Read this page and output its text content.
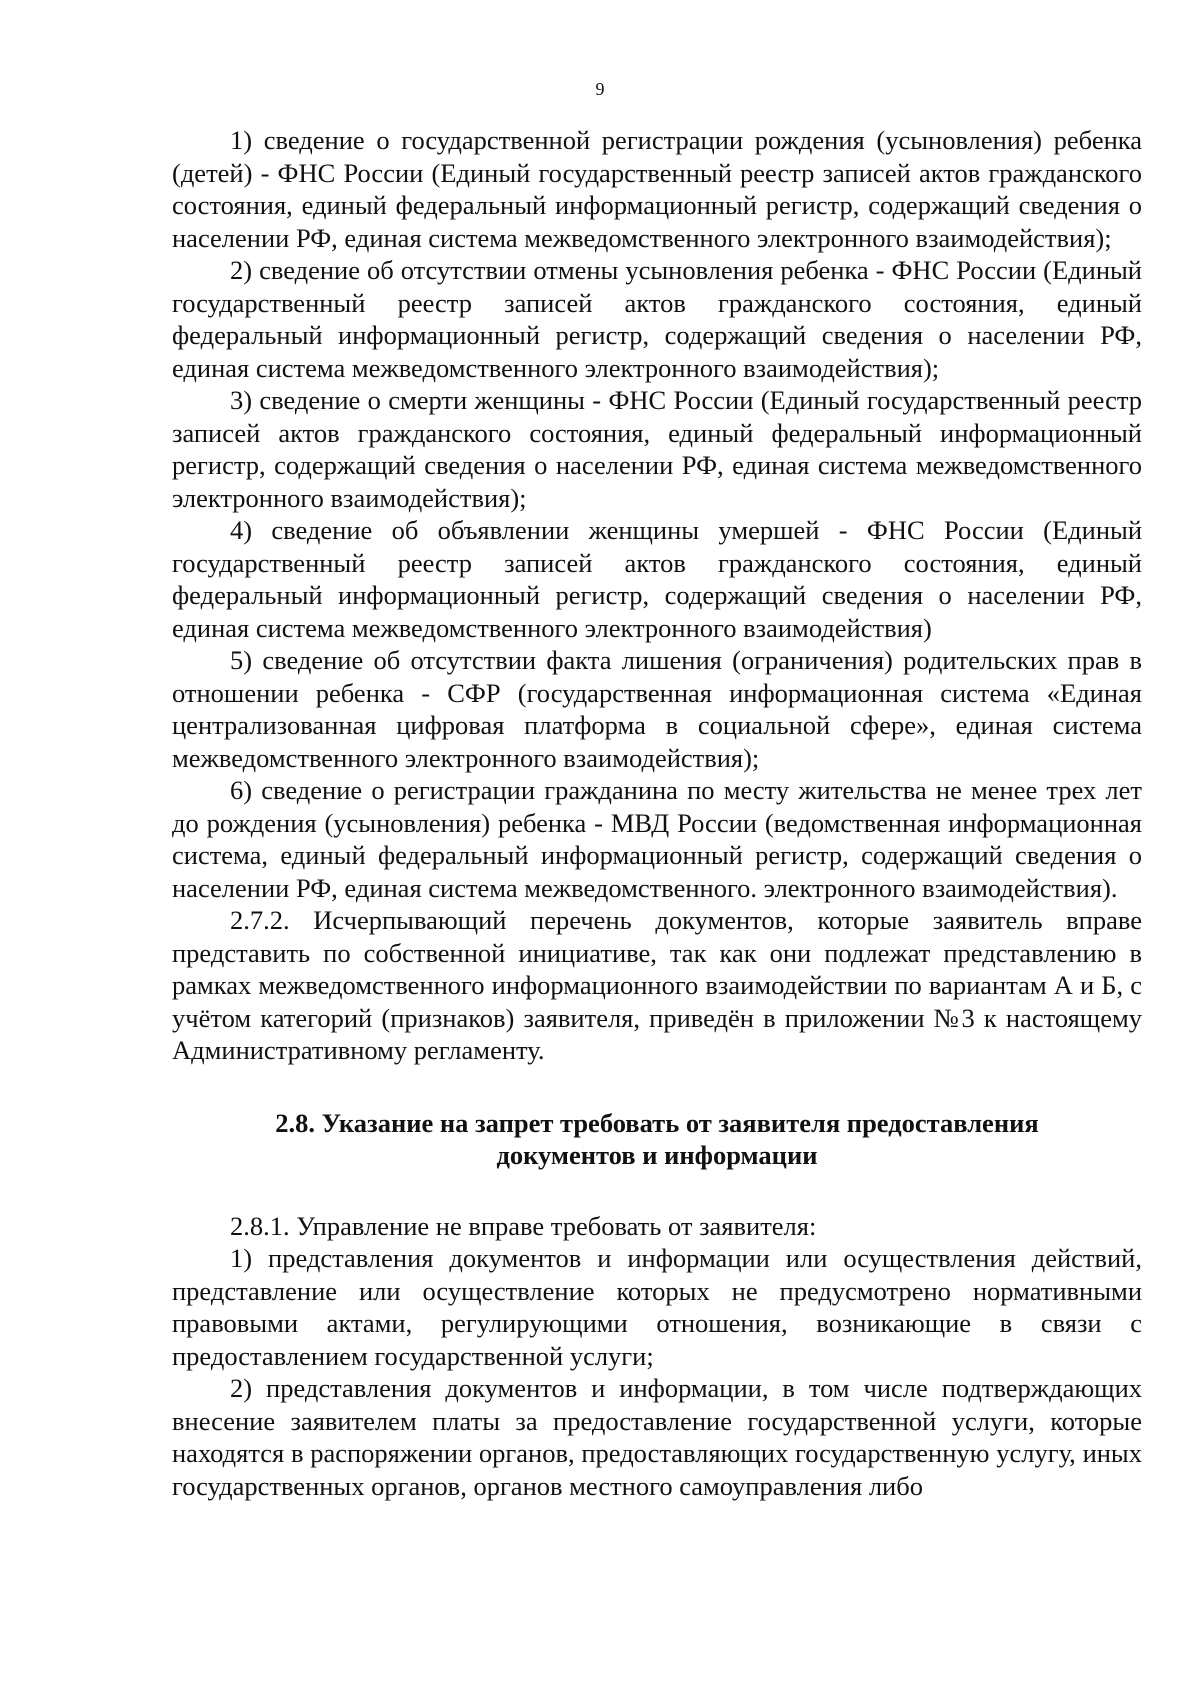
9

1) сведение о государственной регистрации рождения (усыновления) ребенка (детей) - ФНС России (Единый государственный реестр записей актов гражданского состояния, единый федеральный информационный регистр, содержащий сведения о населении РФ, единая система межведомственного электронного взаимодействия);

2) сведение об отсутствии отмены усыновления ребенка - ФНС России (Единый государственный реестр записей актов гражданского состояния, единый федеральный информационный регистр, содержащий сведения о населении РФ, единая система межведомственного электронного взаимодействия);

3) сведение о смерти женщины - ФНС России (Единый государственный реестр записей актов гражданского состояния, единый федеральный информационный регистр, содержащий сведения о населении РФ, единая система межведомственного электронного взаимодействия);

4) сведение об объявлении женщины умершей - ФНС России (Единый государственный реестр записей актов гражданского состояния, единый федеральный информационный регистр, содержащий сведения о населении РФ, единая система межведомственного электронного взаимодействия)

5) сведение об отсутствии факта лишения (ограничения) родительских прав в отношении ребенка - СФР (государственная информационная система «Единая централизованная цифровая платформа в социальной сфере», единая система межведомственного электронного взаимодействия);

6) сведение о регистрации гражданина по месту жительства не менее трех лет до рождения (усыновления) ребенка - МВД России (ведомственная информационная система, единый федеральный информационный регистр, содержащий сведения о населении РФ, единая система межведомственного. электронного взаимодействия).

2.7.2. Исчерпывающий перечень документов, которые заявитель вправе представить по собственной инициативе, так как они подлежат представлению в рамках межведомственного информационного взаимодействии по вариантам А и Б, с учётом категорий (признаков) заявителя, приведён в приложении №3 к настоящему Административному регламенту.

2.8. Указание на запрет требовать от заявителя предоставления
документов и информации

2.8.1. Управление не вправе требовать от заявителя:

1) представления документов и информации или осуществления действий, представление или осуществление которых не предусмотрено нормативными правовыми актами, регулирующими отношения, возникающие в связи с предоставлением государственной услуги;

2) представления документов и информации, в том числе подтверждающих внесение заявителем платы за предоставление государственной услуги, которые находятся в распоряжении органов, предоставляющих государственную услугу, иных государственных органов, органов местного самоуправления либо
